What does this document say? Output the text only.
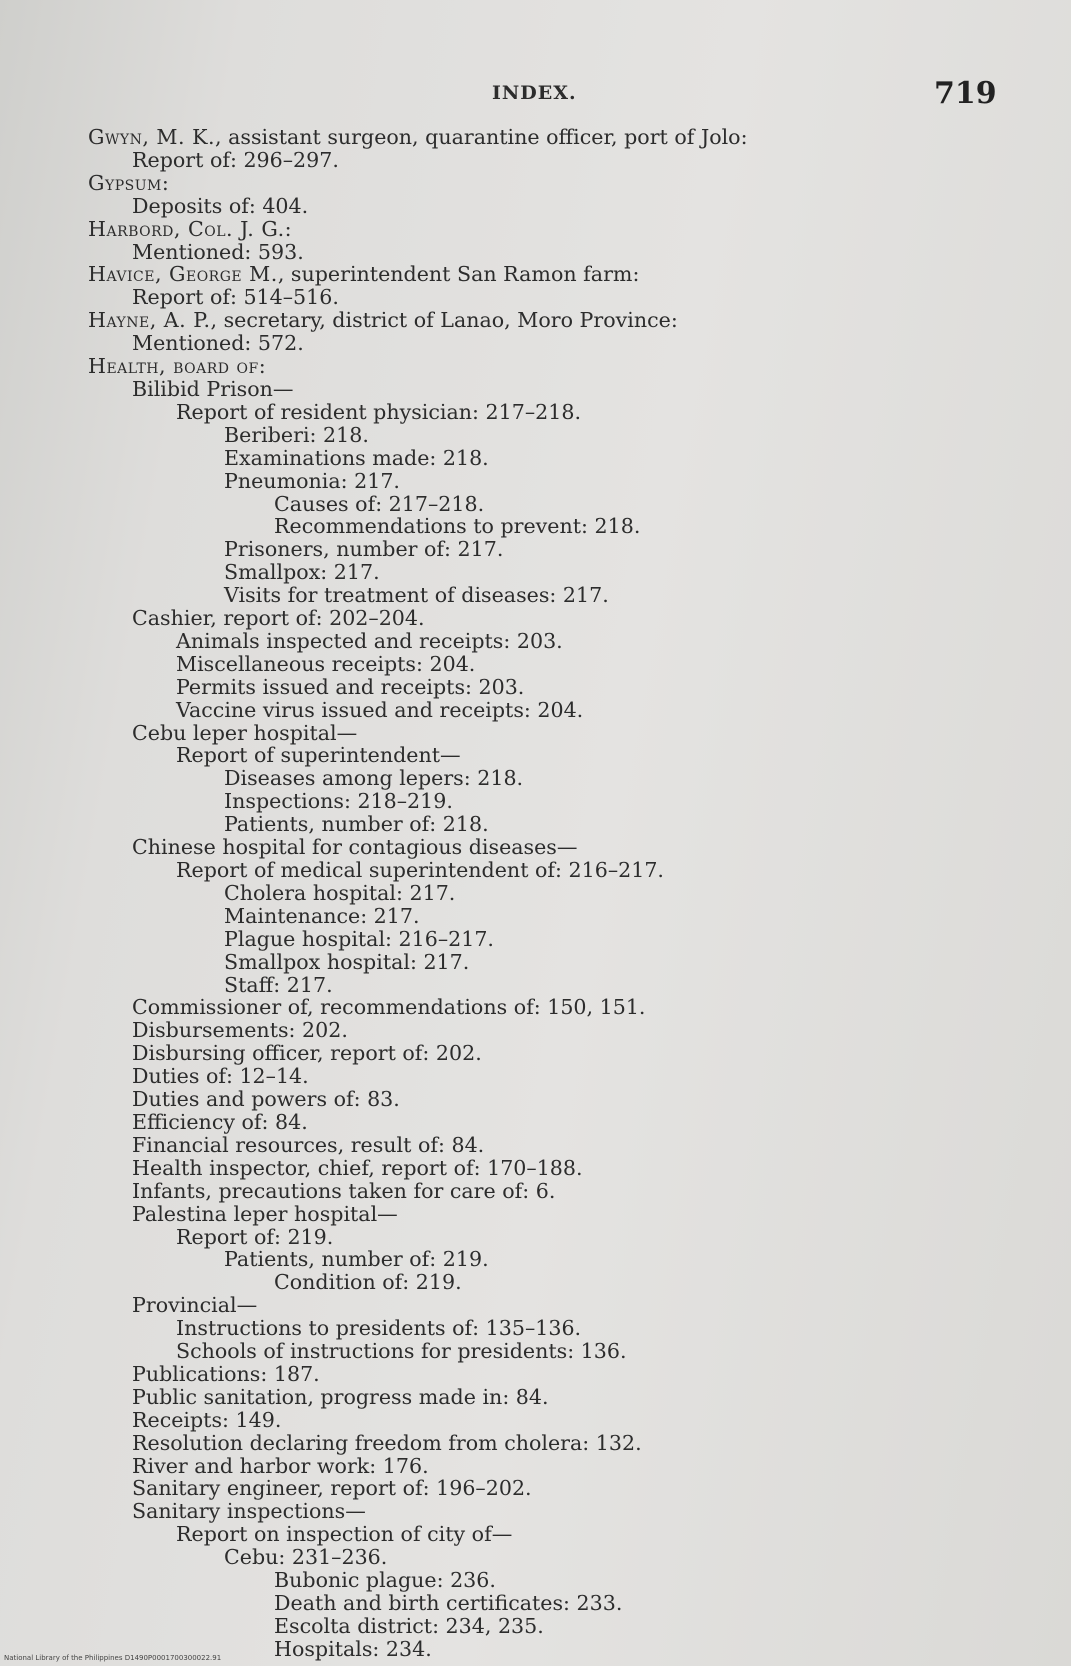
INDEX.	719
Gwyn, M. K., assistant surgeon, quarantine officer, port of Jolo:
Report of: 296–297.
Gypsum:
Deposits of: 404.
Harbord, Col. J. G.:
Mentioned: 593.
Havice, George M., superintendent San Ramon farm:
Report of: 514–516.
Hayne, A. P., secretary, district of Lanao, Moro Province:
Mentioned: 572.
Health, board of:
Bilibid Prison—
Report of resident physician: 217–218.
Beriberi: 218.
Examinations made: 218.
Pneumonia: 217.
Causes of: 217–218.
Recommendations to prevent: 218.
Prisoners, number of: 217.
Smallpox: 217.
Visits for treatment of diseases: 217.
Cashier, report of: 202–204.
Animals inspected and receipts: 203.
Miscellaneous receipts: 204.
Permits issued and receipts: 203.
Vaccine virus issued and receipts: 204.
Cebu leper hospital—
Report of superintendent—
Diseases among lepers: 218.
Inspections: 218–219.
Patients, number of: 218.
Chinese hospital for contagious diseases—
Report of medical superintendent of: 216–217.
Cholera hospital: 217.
Maintenance: 217.
Plague hospital: 216–217.
Smallpox hospital: 217.
Staff: 217.
Commissioner of, recommendations of: 150, 151.
Disbursements: 202.
Disbursing officer, report of: 202.
Duties of: 12–14.
Duties and powers of: 83.
Efficiency of: 84.
Financial resources, result of: 84.
Health inspector, chief, report of: 170–188.
Infants, precautions taken for care of: 6.
Palestina leper hospital—
Report of: 219.
Patients, number of: 219.
Condition of: 219.
Provincial—
Instructions to presidents of: 135–136.
Schools of instructions for presidents: 136.
Publications: 187.
Public sanitation, progress made in: 84.
Receipts: 149.
Resolution declaring freedom from cholera: 132.
River and harbor work: 176.
Sanitary engineer, report of: 196–202.
Sanitary inspections—
Report on inspection of city of—
Cebu: 231–236.
Bubonic plague: 236.
Death and birth certificates: 233.
Escolta district: 234, 235.
Hospitals: 234.
National Library of the Philippines D1490P0001700300022.91
